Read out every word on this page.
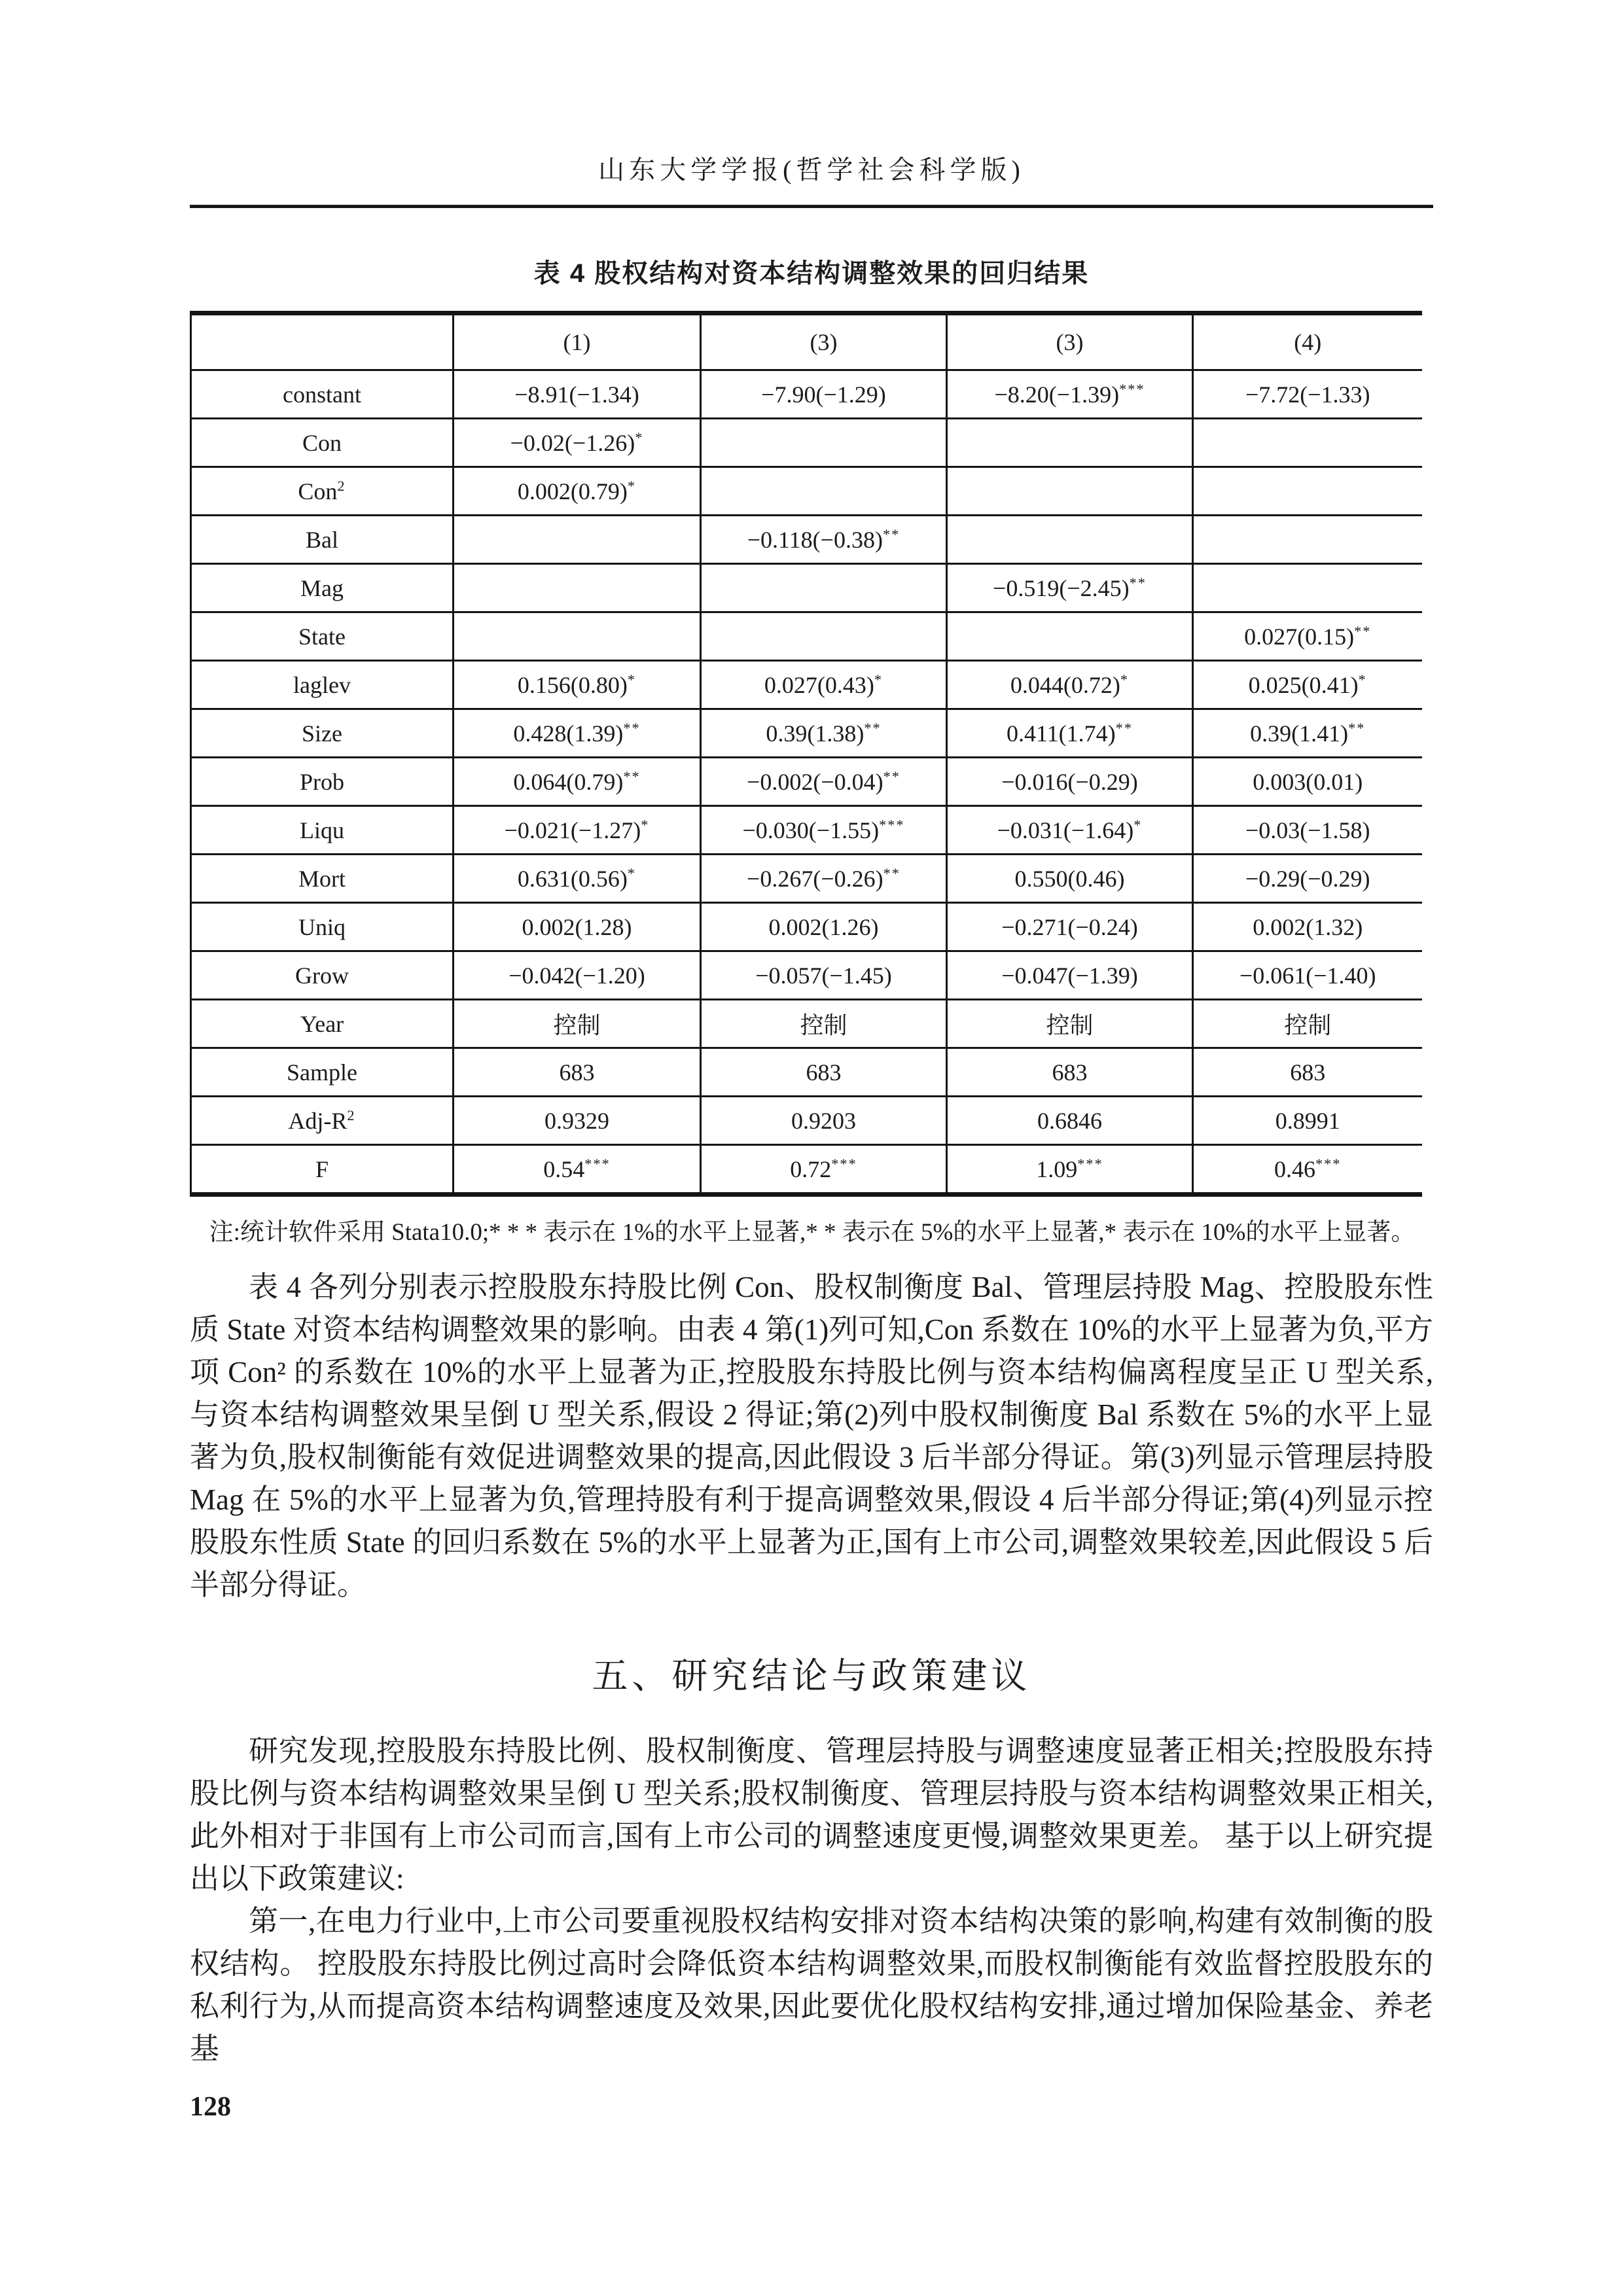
山东大学学报(哲学社会科学版)
表 4 股权结构对资本结构调整效果的回归结果
	(1)	(3)	(3)	(4)
constant	−8.91(−1.34)	−7.90(−1.29)	−8.20(−1.39)***	−7.72(−1.33)
Con	−0.02(−1.26)*			
Con$^2$	0.002(0.79)*			
Bal		−0.118(−0.38)**		
Mag			−0.519(−2.45)**	
State				0.027(0.15)**
laglev	0.156(0.80)*	0.027(0.43)*	0.044(0.72)*	0.025(0.41)*
Size	0.428(1.39)**	0.39(1.38)**	0.411(1.74)**	0.39(1.41)**
Prob	0.064(0.79)**	−0.002(−0.04)**	−0.016(−0.29)	0.003(0.01)
Liqu	−0.021(−1.27)*	−0.030(−1.55)***	−0.031(−1.64)*	−0.03(−1.58)
Mort	0.631(0.56)*	−0.267(−0.26)**	0.550(0.46)	−0.29(−0.29)
Uniq	0.002(1.28)	0.002(1.26)	−0.271(−0.24)	0.002(1.32)
Grow	−0.042(−1.20)	−0.057(−1.45)	−0.047(−1.39)	−0.061(−1.40)
Year	控制	控制	控制	控制
Sample	683	683	683	683
Adj-$R^2$	0.9329	0.9203	0.6846	0.8991
F	0.54***	0.72***	1.09***	0.46***
注:统计软件采用 Stata10.0;* * * 表示在 1%的水平上显著,* * 表示在 5%的水平上显著,* 表示在 10%的水平上显著。
表 4 各列分别表示控股股东持股比例 Con、股权制衡度 Bal、管理层持股 Mag、控股股东性质 State 对资本结构调整效果的影响。由表 4 第(1)列可知,Con 系数在 10%的水平上显著为负,平方项 Con² 的系数在 10%的水平上显著为正,控股股东持股比例与资本结构偏离程度呈正 U 型关系,与资本结构调整效果呈倒 U 型关系,假设 2 得证;第(2)列中股权制衡度 Bal 系数在 5%的水平上显著为负,股权制衡能有效促进调整效果的提高,因此假设 3 后半部分得证。第(3)列显示管理层持股 Mag 在 5%的水平上显著为负,管理持股有利于提高调整效果,假设 4 后半部分得证;第(4)列显示控股股东性质 State 的回归系数在 5%的水平上显著为正,国有上市公司,调整效果较差,因此假设 5 后半部分得证。
五、研究结论与政策建议
研究发现,控股股东持股比例、股权制衡度、管理层持股与调整速度显著正相关;控股股东持股比例与资本结构调整效果呈倒 U 型关系;股权制衡度、管理层持股与资本结构调整效果正相关,此外相对于非国有上市公司而言,国有上市公司的调整速度更慢,调整效果更差。 基于以上研究提出以下政策建议:
第一,在电力行业中,上市公司要重视股权结构安排对资本结构决策的影响,构建有效制衡的股权结构。 控股股东持股比例过高时会降低资本结构调整效果,而股权制衡能有效监督控股股东的私利行为,从而提高资本结构调整速度及效果,因此要优化股权结构安排,通过增加保险基金、养老基
128
